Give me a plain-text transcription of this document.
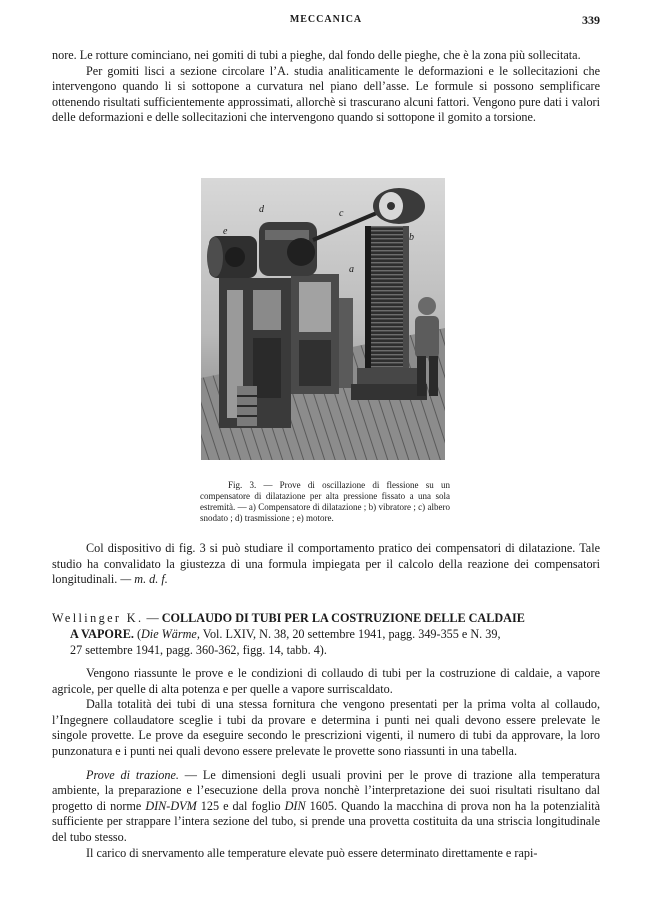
MECCANICA	339

nore. Le rotture cominciano, nei gomiti di tubi a pieghe, dal fondo delle pieghe, che è la zona più sollecitata.

Per gomiti lisci a sezione circolare l’A. studia analiticamente le deformazioni e le sollecitazioni che intervengono quando li si sottopone a curvatura nel piano dell’asse. Le formule si possono semplificare ottenendo risultati sufficientemente approssimati, allorchè si trascurano alcuni fattori. Vengono pure dati i valori delle deformazioni e delle sollecitazioni che intervengono quando si sottopone il gomito a torsione.

d	c
e
b
a

Fig. 3. — Prove di oscillazione di flessione su un compensatore di dilatazione per alta pressione fissato a una sola estremità. — a) Compensatore di dilatazione ; b) vibratore ; c) albero snodato ; d) trasmissione ; e) motore.

Col dispositivo di fig. 3 si può studiare il comportamento pratico dei compensatori di dilatazione. Tale studio ha convalidato la giustezza di una formula impiegata per il calcolo della reazione dei compensatori longitudinali. — m. d. f.

Wellinger K. — COLLAUDO DI TUBI PER LA COSTRUZIONE DELLE CALDAIE
A VAPORE. (Die Wärme, Vol. LXIV, N. 38, 20 settembre 1941, pagg. 349-355 e N. 39,
27 settembre 1941, pagg. 360-362, figg. 14, tabb. 4).

Vengono riassunte le prove e le condizioni di collaudo di tubi per la costruzione di caldaie, a vapore agricole, per quelle di alta potenza e per quelle a vapore surriscaldato.

Dalla totalità dei tubi di una stessa fornitura che vengono presentati per la prima volta al collaudo, l’Ingegnere collaudatore sceglie i tubi da provare e determina i punti nei quali devono essere prelevate le singole provette. Le prove da eseguire secondo le prescrizioni vigenti, il numero di tubi da approvare, la loro punzonatura e i punti nei quali devono essere prelevate le provette sono riassunti in una tabella.

Prove di trazione. — Le dimensioni degli usuali provini per le prove di trazione alla temperatura ambiente, la preparazione e l’esecuzione della prova nonchè l’interpretazione dei suoi risultati risultano dal progetto di norme DIN-DVM 125 e dal foglio DIN 1605. Quando la macchina di prova non ha la potenzialità sufficiente per strappare l’intera sezione del tubo, si prende una provetta costituita da una striscia longitudinale del tubo stesso.

Il carico di snervamento alle temperature elevate può essere determinato direttamente e rapi-
